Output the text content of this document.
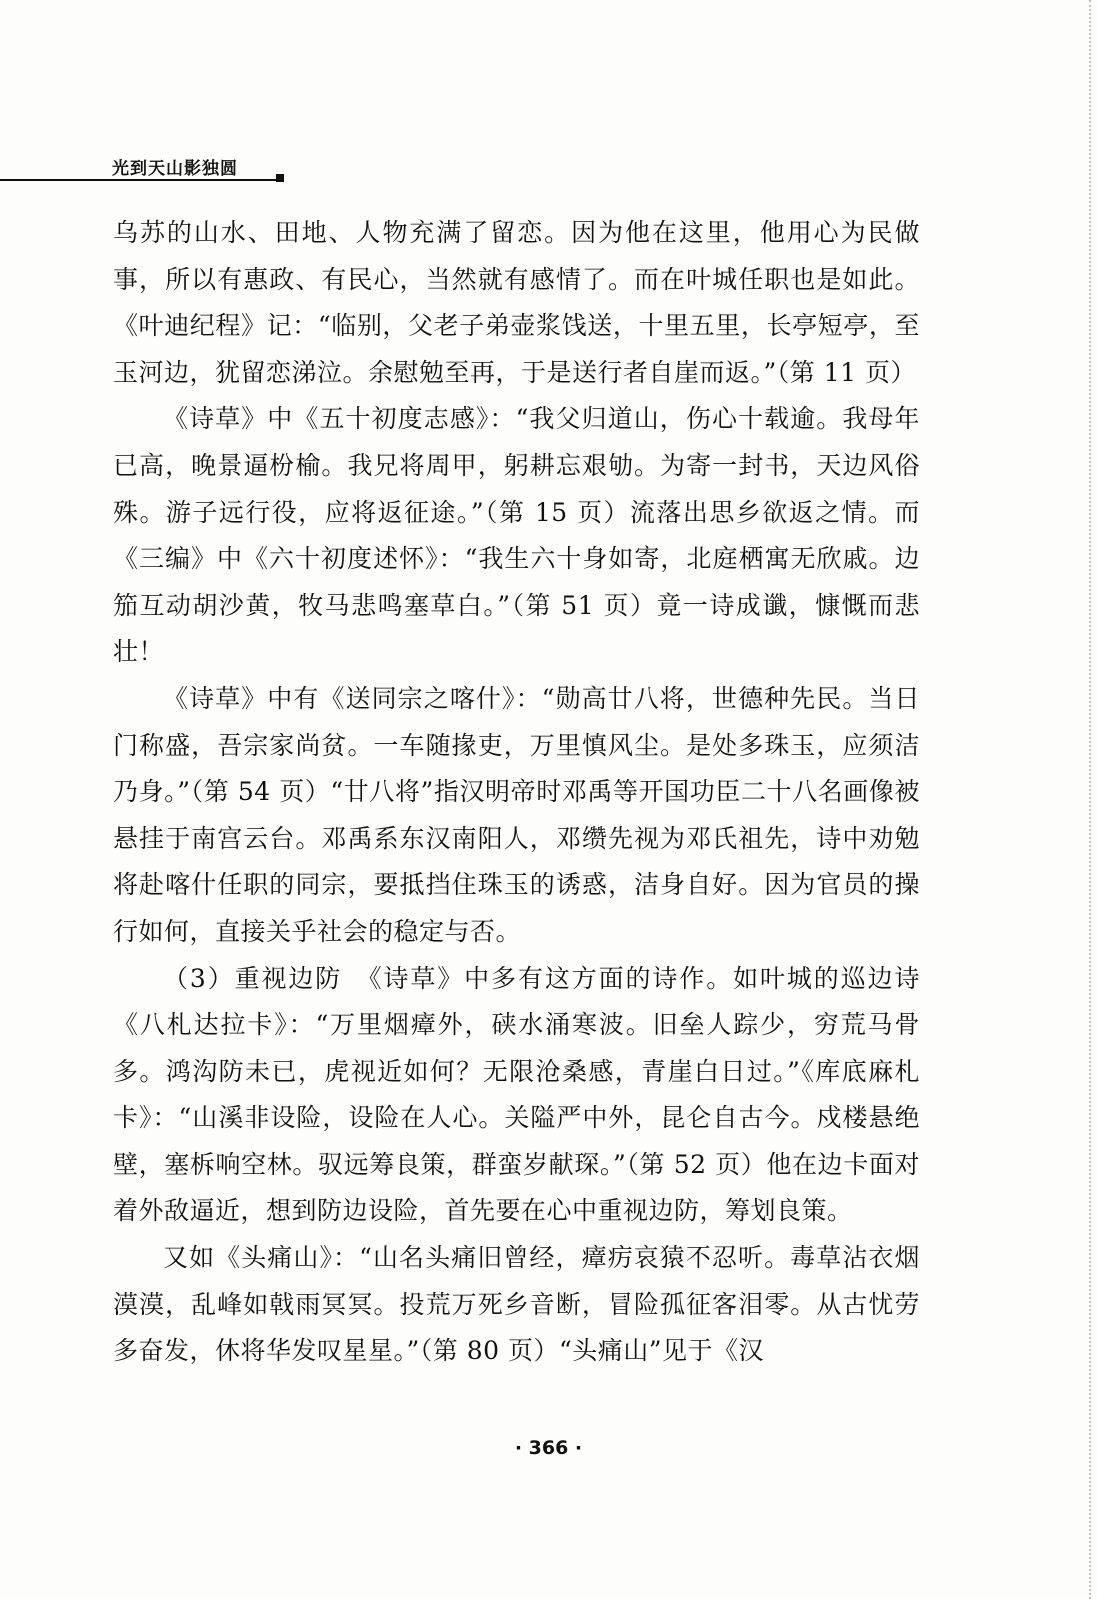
光到天山影独圆

乌苏的山水、田地、人物充满了留恋。因为他在这里，他用心为民做事，所以有惠政、有民心，当然就有感情了。而在叶城任职也是如此。《叶迪纪程》记：“临别，父老子弟壶浆饯送，十里五里，长亭短亭，至玉河边，犹留恋涕泣。余慰勉至再，于是送行者自崖而返。”（第 11 页）

《诗草》中《五十初度志感》：“我父归道山，伤心十载逾。我母年已高，晚景逼枌榆。我兄将周甲，躬耕忘艰劬。为寄一封书，天边风俗殊。游子远行役，应将返征途。”（第 15 页）流落出思乡欲返之情。而《三编》中《六十初度述怀》：“我生六十身如寄，北庭栖寓无欣戚。边笳互动胡沙黄，牧马悲鸣塞草白。”（第 51 页）竟一诗成谶，慷慨而悲壮！

《诗草》中有《送同宗之喀什》：“勋高廿八将，世德种先民。当日门称盛，吾宗家尚贫。一车随掾吏，万里慎风尘。是处多珠玉，应须洁乃身。”（第 54 页）“廿八将”指汉明帝时邓禹等开国功臣二十八名画像被悬挂于南宫云台。邓禹系东汉南阳人，邓缵先视为邓氏祖先，诗中劝勉将赴喀什任职的同宗，要抵挡住珠玉的诱惑，洁身自好。因为官员的操行如何，直接关乎社会的稳定与否。

（3）重视边防　《诗草》中多有这方面的诗作。如叶城的巡边诗《八札达拉卡》：“万里烟瘴外，硖水涌寒波。旧垒人踪少，穷荒马骨多。鸿沟防未已，虎视近如何？无限沧桑感，青崖白日过。”《库底麻札卡》：“山溪非设险，设险在人心。关隘严中外，昆仑自古今。戍楼悬绝壁，塞柝响空林。驭远筹良策，群蛮岁献琛。”（第 52 页）他在边卡面对着外敌逼近，想到防边设险，首先要在心中重视边防，筹划良策。

又如《头痛山》：“山名头痛旧曾经，瘴疠哀猿不忍听。毒草沾衣烟漠漠，乱峰如戟雨冥冥。投荒万死乡音断，冒险孤征客泪零。从古忧劳多奋发，休将华发叹星星。”（第 80 页）“头痛山”见于《汉

· 366 ·
